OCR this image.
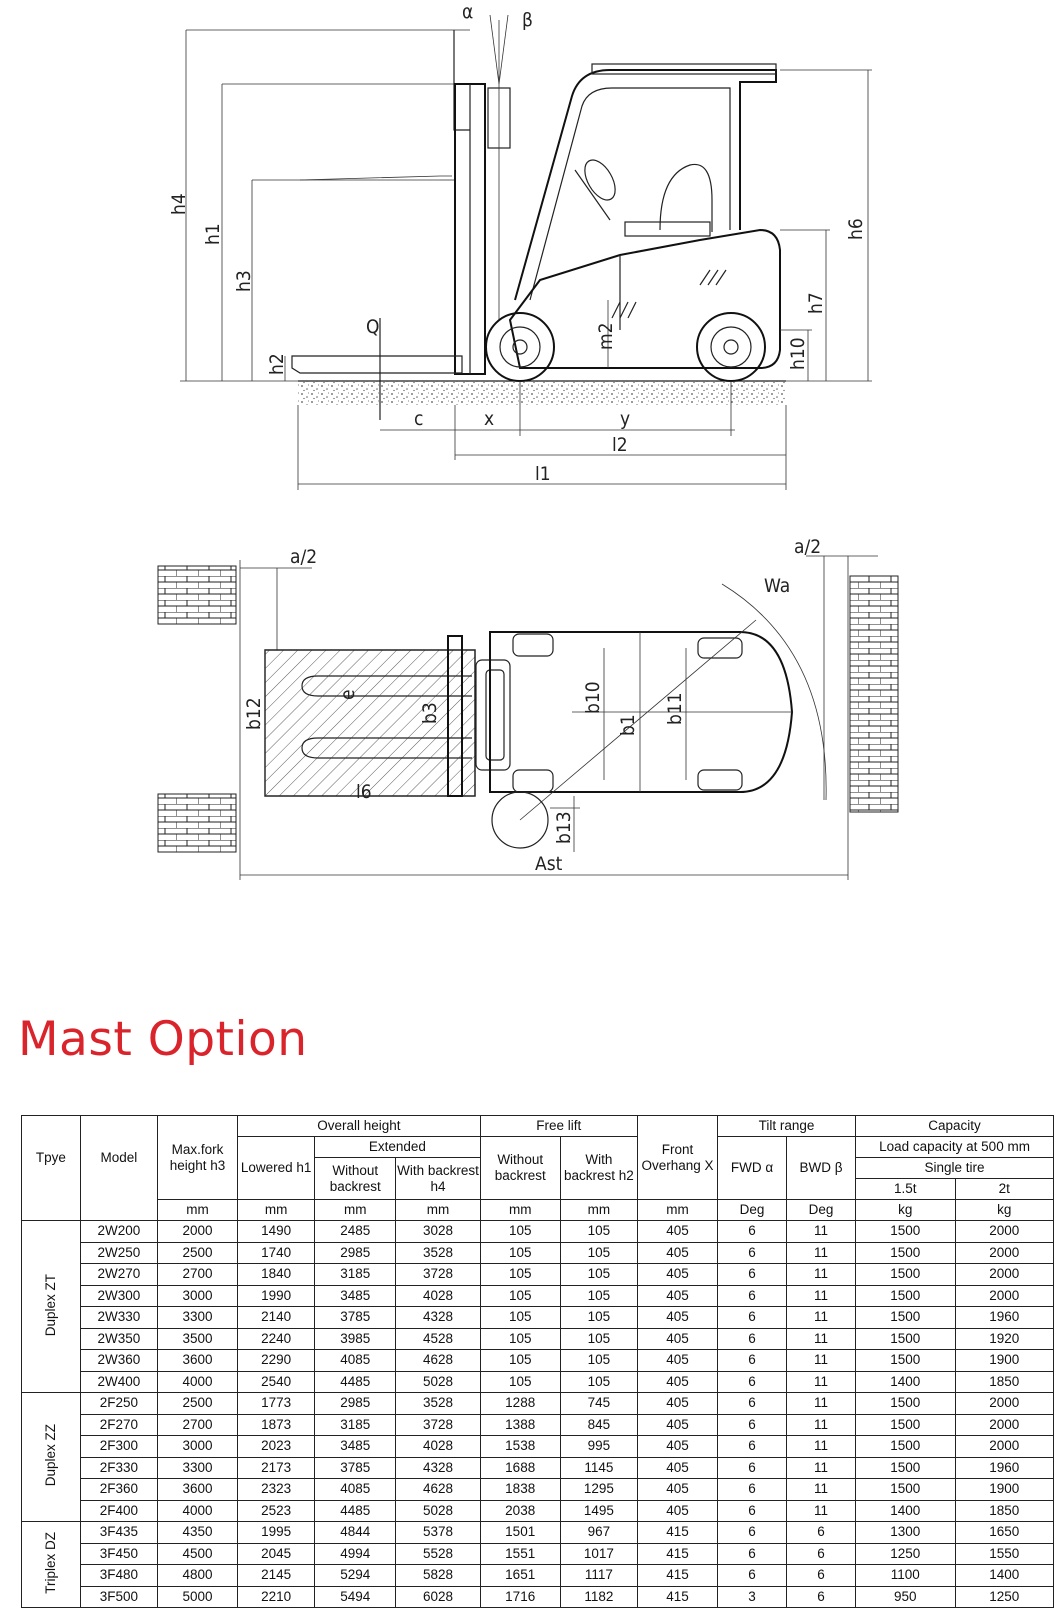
α	β
h4
h1
h3
h2
Q	m2
h6
h7
h10
c	x	y
l2
l1
a/2	a/2
Wa
b12
e
b3	b10
b1
b11
l6
b13
Ast
Mast Option
Tpye	Model	Max.fork height h3	Overall height			Free lift		Front Overhang X	Tilt range		Capacity	
			Lowered h1	Extended		Without backrest	With backrest h2		FWD α	BWD β	Load capacity at 500 mm	
				Without backrest	With backrest h4						Single tire	
											1.5t	2t
		mm	mm	mm	mm	mm	mm	mm	Deg	Deg	kg	kg
Duplex ZT	2W200	2000	1490	2485	3028	105	105	405	6	11	1500	2000
	2W250	2500	1740	2985	3528	105	105	405	6	11	1500	2000
	2W270	2700	1840	3185	3728	105	105	405	6	11	1500	2000
	2W300	3000	1990	3485	4028	105	105	405	6	11	1500	2000
	2W330	3300	2140	3785	4328	105	105	405	6	11	1500	1960
	2W350	3500	2240	3985	4528	105	105	405	6	11	1500	1920
	2W360	3600	2290	4085	4628	105	105	405	6	11	1500	1900
	2W400	4000	2540	4485	5028	105	105	405	6	11	1400	1850
Duplex ZZ	2F250	2500	1773	2985	3528	1288	745	405	6	11	1500	2000
	2F270	2700	1873	3185	3728	1388	845	405	6	11	1500	2000
	2F300	3000	2023	3485	4028	1538	995	405	6	11	1500	2000
	2F330	3300	2173	3785	4328	1688	1145	405	6	11	1500	1960
	2F360	3600	2323	4085	4628	1838	1295	405	6	11	1500	1900
	2F400	4000	2523	4485	5028	2038	1495	405	6	11	1400	1850
Triplex DZ	3F435	4350	1995	4844	5378	1501	967	415	6	6	1300	1650
	3F450	4500	2045	4994	5528	1551	1017	415	6	6	1250	1550
	3F480	4800	2145	5294	5828	1651	1117	415	6	6	1100	1400
	3F500	5000	2210	5494	6028	1716	1182	415	3	6	950	1250
